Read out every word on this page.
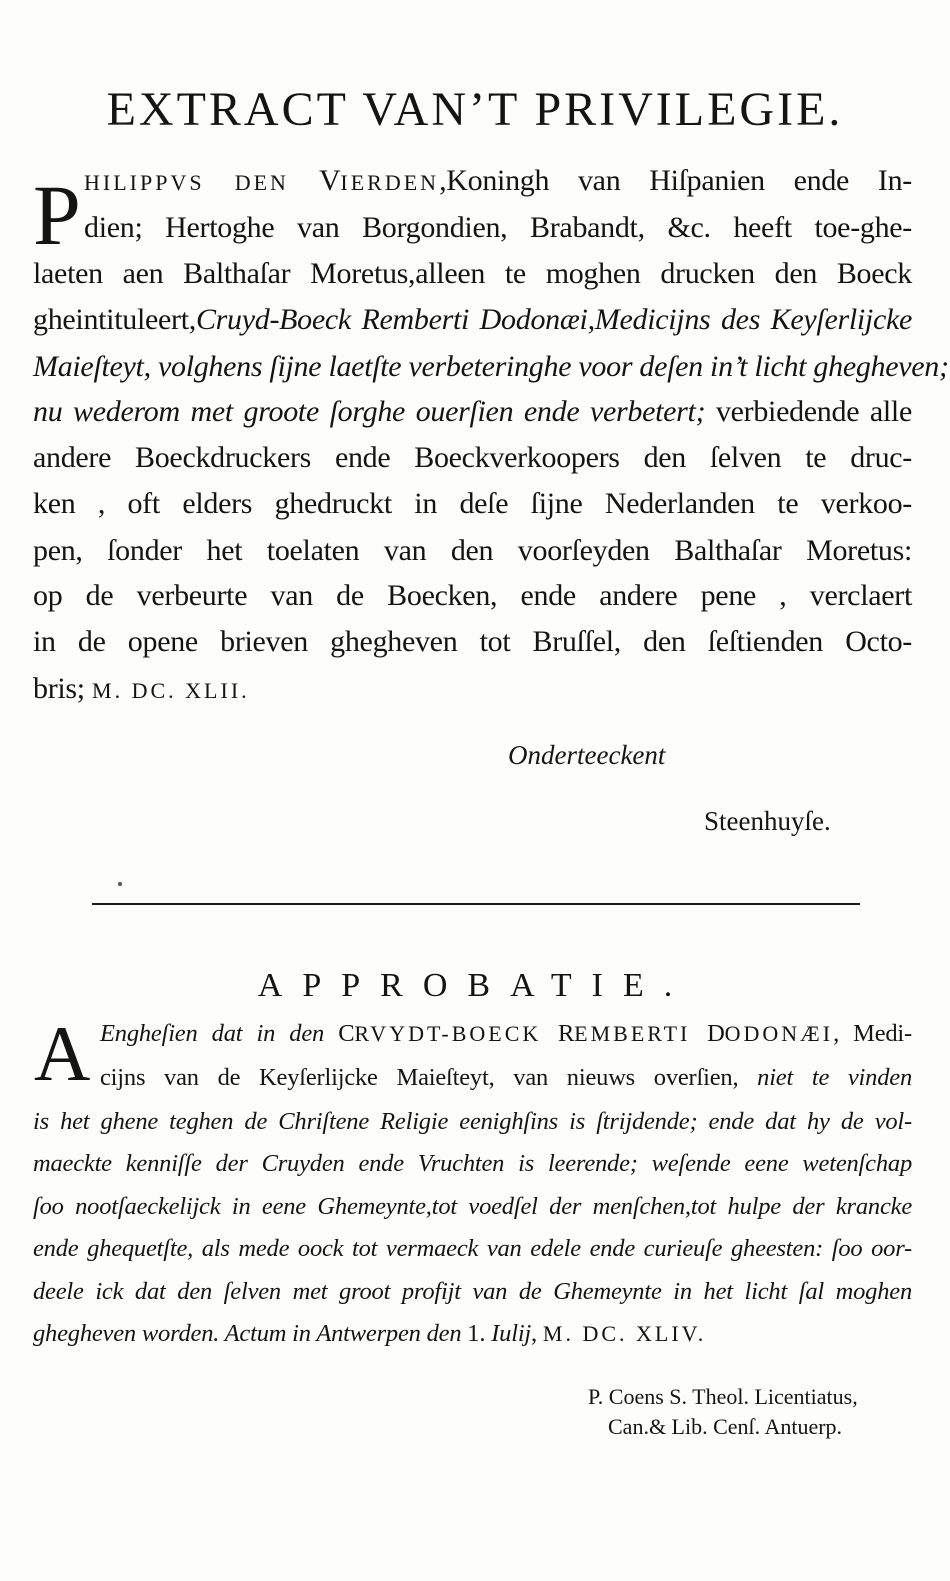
EXTRACT VAN’T PRIVILEGIE.
P HILIPPVS DEN VIERDEN,Koningh van Hiſpanien ende In-
dien; Hertoghe van Borgondien, Brabandt, &c. heeft toe-ghe-
laeten aen Balthaſar Moretus,alleen te moghen drucken den Boeck
gheintituleert,Cruyd-Boeck Remberti Dodonæi,Medicijns des Keyſerlijcke
Maieſteyt, volghens ſijne laetſte verbeteringhe voor deſen in’t licht ghegheven;
nu wederom met groote ſorghe ouerſien ende verbetert; verbiedende alle
andere Boeckdruckers ende Boeckverkoopers den ſelven te druc-
ken , oft elders ghedruckt in deſe ſijne Nederlanden te verkoo-
pen, ſonder het toelaten van den voorſeyden Balthaſar Moretus:
op de verbeurte van de Boecken, ende andere pene , verclaert
in de opene brieven ghegheven tot Bruſſel, den ſeſtienden Octo-
bris; M. DC. XLII.
Onderteeckent
Steenhuyſe.
APPROBATIE.
A Engheſien dat in den CRVYDT-BOECK REMBERTI DODONÆI, Medi-
cijns van de Keyſerlijcke Maieſteyt, van nieuws overſien, niet te vinden
is het ghene teghen de Chriſtene Religie eenighſins is ſtrijdende; ende dat hy de vol-
maeckte kenniſſe der Cruyden ende Vruchten is leerende; weſende eene wetenſchap
ſoo nootſaeckelijck in eene Ghemeynte,tot voedſel der menſchen,tot hulpe der krancke
ende ghequetſte, als mede oock tot vermaeck van edele ende curieuſe gheesten: ſoo oor-
deele ick dat den ſelven met groot profijt van de Ghemeynte in het licht ſal moghen
ghegheven worden. Actum in Antwerpen den 1. Iulij, M. DC. XLIV.
P. Coens S. Theol. Licentiatus,
Can.& Lib. Cenſ. Antuerp.
